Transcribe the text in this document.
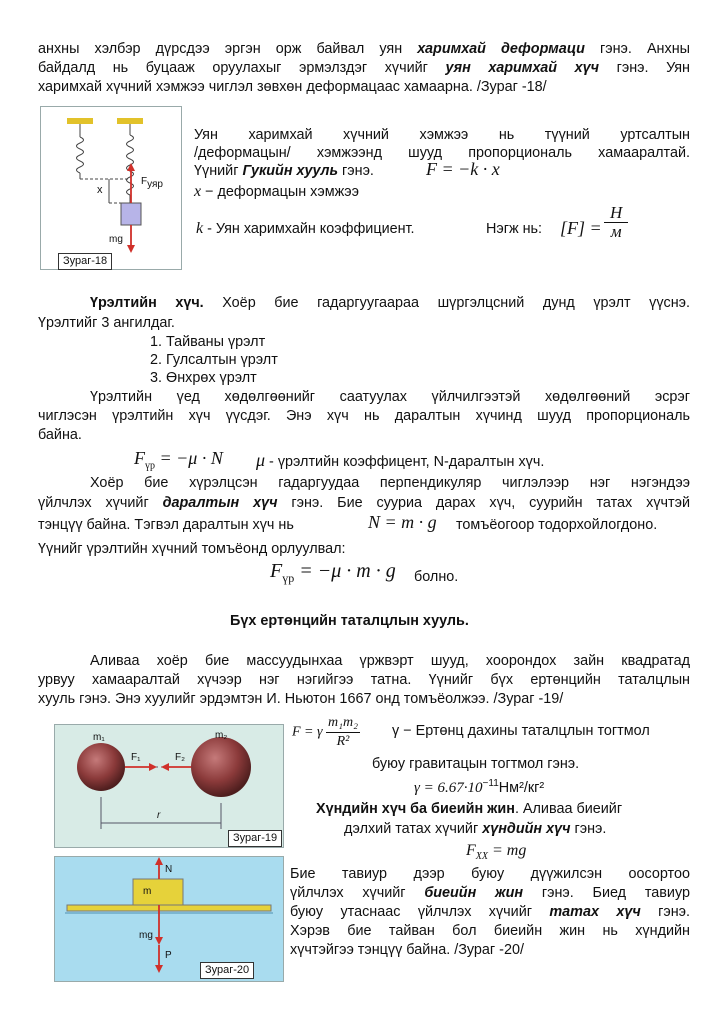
анхны хэлбэр дүрсдээ эргэн орж байвал уян харимхай деформаци гэнэ. Анхны
байдалд нь буцааж оруулахыг эрмэлздэг хүчийг уян харимхай хүч гэнэ. Уян
харимхай хүчний хэмжээ чиглэл зөвхөн деформацаас хамаарна. /Зураг -18/
x
$F_{уяр}$
mg
Зураг-18
Уян харимхай хүчний хэмжээ нь түүний уртсалтын
/деформацын/ хэмжээнд шууд пропорциональ хамааралтай.
Үүнийг Гукийн хууль гэнэ.	F = −k · x
x − деформацын хэмжээ
k - Уян харимхайн коэффициент.	Нэгж нь: [F] =
Н
м
Үрэлтийн хүч. Хоёр бие гадаргуугаараа шүргэлцсний дунд үрэлт үүснэ.
Үрэлтийг 3 ангилдаг.
1. Тайваны үрэлт
2. Гулсалтын үрэлт
3. Өнхрөх үрэлт
Үрэлтийн үед хөдөлгөөнийг саатуулах үйлчилгээтэй хөдөлгөөний эсрэг
чиглэсэн үрэлтийн хүч үүсдэг. Энэ хүч нь даралтын хүчинд шууд пропорциональ
байна.
$F_{үр} = -\mu \cdot N$ μ - үрэлтийн коэффицент, N-даралтын хүч.
Хоёр бие хүрэлцсэн гадаргуудаа перпендикуляр чиглэлээр нэг нэгэндээ
үйлчлэх хүчийг даралтын хүч гэнэ. Бие сууриа дарах хүч, суурийн татах хүчтэй
тэнцүү байна. Тэгвэл даралтын хүч нь	N = m · g томъёогоор тодорхойлогдоно.
Үүнийг үрэлтийн хүчний томъёонд орлуулвал:
$F_{үр} = -\mu \cdot m \cdot g$ болно.
Бүх ертөнцийн таталцлын хууль.
Аливаа хоёр бие массуудынхаа үржвэрт шууд, хоорондох зайн квадратад
урвуу хамааралтай хүчээр нэг нэгийгээ татна. Үүнийг бүх ертөнцийн таталцлын
хууль гэнэ. Энэ хуулийг эрдэмтэн И. Ньютон 1667 онд томъёолжээ. /Зураг -19/
F = γ $\frac{\text{m₁m₂}}{\text{R²}}$ γ − Ертөнц дахины таталцлын тогтмол
буюу гравитацын тогтмол гэнэ.
$\gamma = 6.67\cdot 10^{-11}Нм^2$/кг²
Хүндийн хүч ба биеийн жин. Аливаа биеийг
дэлхий татах хүчийг хүндийн хүч гэнэ.
$F_{XX}$ = mg
Бие тавиур дээр буюу дүүжилсэн оосортоо
үйлчлэх хүчийг биеийн жин гэнэ. Биед тавиур
буюу утаснаас үйлчлэх хүчийг татах хүч гэнэ.
Хэрэв бие тайван бол биеийн жин нь хүндийн
хүчтэйгээ тэнцүү байна. /Зураг -20/
m₁	m₂
F₁	F₂
r
Зураг-19
N
m
mg
P
Зураг-20
